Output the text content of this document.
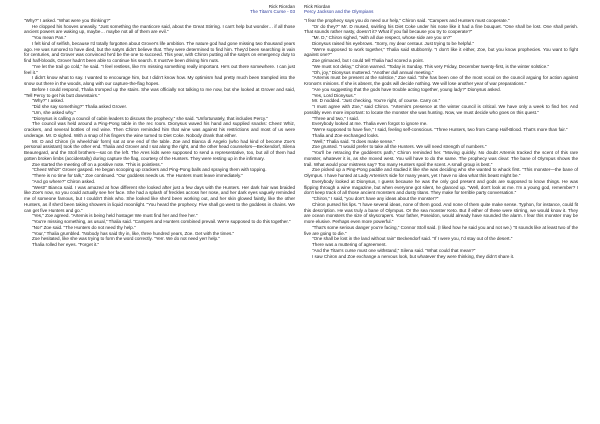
Rick Riordan
The Titan's Curse - 03

"Why?" I asked. "What were you thinking?"

He clopped his hooves uneasily. "Just something the manticore said, about the Great Stirring. I can't help but wonder… if all those ancient powers are waking up, maybe… maybe not all of them are evil."

"You mean Pan."

I felt kind of selfish, because I'd totally forgotten about Grover's life ambition. The nature god had gone missing two thousand years ago. He was rumored to have died, but the satyrs didn't believe that. They were determined to find him. They'd been searching in vain for centuries, and Grover was convinced he'd be the one to succeed. This year, with Chiron putting all the satyrs on emergency duty to find half-bloods, Grover hadn't been able to continue his search. It must've been driving him nuts.

"I've let the trail go cold," he said. "I feel restless, like I'm missing something really important. He's out there somewhere. I can just feel it."

I didn't know what to say. I wanted to encourage him, but I didn't know how. My optimism had pretty much been trampled into the snow out there in the woods, along with our capture-the-flag hopes.

Before I could respond, Thalia tromped up the stairs. She was officially not talking to me now, but she looked at Grover and said, "Tell Percy to get his butt downstairs."

"Why?" I asked.

"Did she say something?" Thalia asked Grover.

"Um, she asked why."

"Dionysus is calling a council of cabin leaders to discuss the prophecy," she said. "Unfortunately, that includes Percy."

The council was held around a Ping-Pong table in the rec room. Dionysus waved his hand and supplied snacks: Cheez Whiz, crackers, and several bottles of red wine. Then Chiron reminded him that wine was against his restrictions and most of us were underage. Mr. D sighed. With a snap of his fingers the wine turned to Diet Coke. Nobody drank that either.

Mr. D and Chiron (in wheelchair form) sat at one end of the table. Zoe and Bianca di Angelo (who had kind of become Zoe's personal assistant) took the other end. Thalia and Grover and I sat along the right, and the other head counselors—Beckendorf, Silena Beauregard, and the Stoll brothers—sat on the left. The Ares kids were supposed to send a representative, too, but all of them had gotten broken limbs (accidentally) during capture the flag, courtesy of the Hunters. They were resting up in the infirmary.

Zoe started the meeting off on a positive note. "This is pointless."

"Cheez Whiz!" Grover gasped. He began scooping up crackers and Ping-Pong balls and spraying them with topping.

"There is no time for talk," Zoe continued. "Our goddess needs us. The Hunters must leave immediately."

"And go where?" Chiron asked.

"West!" Bianca said. I was amazed at how different she looked after just a few days with the Hunters. Her dark hair was braided like Zoe's now, so you could actually see her face. She had a splash of freckles across her nose, and her dark eyes vaguely reminded me of someone famous, but I couldn't think who. She looked like she'd been working out, and her skin glowed faintly, like the other Hunters, as if she'd been taking showers in liquid moonlight. "You heard the prophecy. Five shall go west to the goddess in chains. We can get five Hunters and go."

"Yes," Zoe agreed. "Artemis is being held hostage! We must find her and free her."

"You're missing something, as usual," Thalia said. "Campers and Hunters combined prevail. We're supposed to do this together."

"No!" Zoe said. "The Hunters do not need thy help."

"Your," Thalia grumbled. "Nobody has said thy in, like, three hundred years, Zoe. Get with the times."

Zoe hesitated, like she was trying to form the word correctly. "Yerr. We do not need yerr help."

Thalia rolled her eyes. "Forget it."

Rick Riordan
Percy Jackson and the Olympians

"I fear the prophecy says you do need our help," Chiron said. "Campers and Hunters must cooperate."

"Or do they?" Mr. D mused, swirling his Diet Coke under his nose like it had a fine bouquet. "One shall be lost. One shall perish. That sounds rather nasty, doesn't it? What if you fail because you try to cooperate?"

"Mr. D," Chiron sighed, "with all due respect, whose side are you on?"

Dionysus raised his eyebrows. "Sorry, my dear centaur. Just trying to be helpful."

"We're supposed to work together," Thalia said stubbornly. "I don't like it either, Zoe, but you know prophecies. You want to fight against one?"

Zoe grimaced, but I could tell Thalia had scored a point.

"We must not delay," Chiron warned. "Today is Sunday. This very Friday, December twenty-first, is the winter solstice."

"Oh, joy," Dionysus muttered. "Another dull annual meeting."

"Artemis must be present at the solstice," Zoe said. "She has been one of the most vocal on the council arguing for action against Kronos's minions. If she is absent, the gods will decide nothing. We will lose another year of war preparations."

"Are you suggesting that the gods have trouble acting together, young lady?" Dionysus asked.

"Yes, Lord Dionysus."

Mr. D nodded. "Just checking. You're right, of course. Carry on."

"I must agree with Zoe," said Chiron. "Artemis's presence at the winter council is critical. We have only a week to find her. And possibly even more important: to locate the monster she was hunting. Now, we must decide who goes on this quest."

"Three and two," I said.

Everybody looked at me. Thalia even forgot to ignore me.

"We're supposed to have five," I said, feeling self-conscious. "Three Hunters, two from Camp Half-Blood. That's more than fair."

Thalia and Zoe exchanged looks.

"Well," Thalia said. "It does make sense."

Zoe grunted. "I would prefer to take all the Hunters. We will need strength of numbers."

"You'll be retracing the goddess's path," Chiron reminded her. "Moving quickly. No doubt Artemis tracked the scent of this rare monster, whatever it is, as she moved west. You will have to do the same. The prophecy was clear: The bane of Olympus shows the trail. What would your mistress say? Too many Hunters spoil the scent. A small group is best."

Zoe picked up a Ping-Pong paddle and studied it like she was deciding who she wanted to whack first. "This monster—the bane of Olympus. I have hunted at Lady Artemis's side for many years, yet I have no idea what this beast might be."

Everybody looked at Dionysus, I guess because he was the only god present and gods are supposed to know things. He was flipping through a wine magazine, but when everyone got silent, he glanced up. "Well, don't look at me. I'm a young god, remember? I don't keep track of all those ancient monsters and dusty titans. They make for terrible party conversation."

"Chiron," I said, "you don't have any ideas about the monster?"

Chiron pursed his lips. "I have several ideas, none of them good. And none of them quite make sense. Typhon, for instance, could fit this description. He was truly a bane of Olympus. Or the sea monster Keto. But if either of these were stirring, we would know it. They are ocean monsters the size of skyscrapers. Your father, Poseidon, would already have sounded the alarm. I fear this monster may be more elusive. Perhaps even more powerful."

"That's some serious danger you're facing," Connor Stoll said. (I liked how he said you and not we.) "It sounds like at least two of the five are going to die."

"One shall be lost in the land without rain" Beckendorf said. "If I were you, I'd stay out of the desert."

There was a muttering of agreement.

"And the Titan's curse must one withstand," Silena said. "What could that mean?"

I saw Chiron and Zoe exchange a nervous look, but whatever they were thinking, they didn't share it.
